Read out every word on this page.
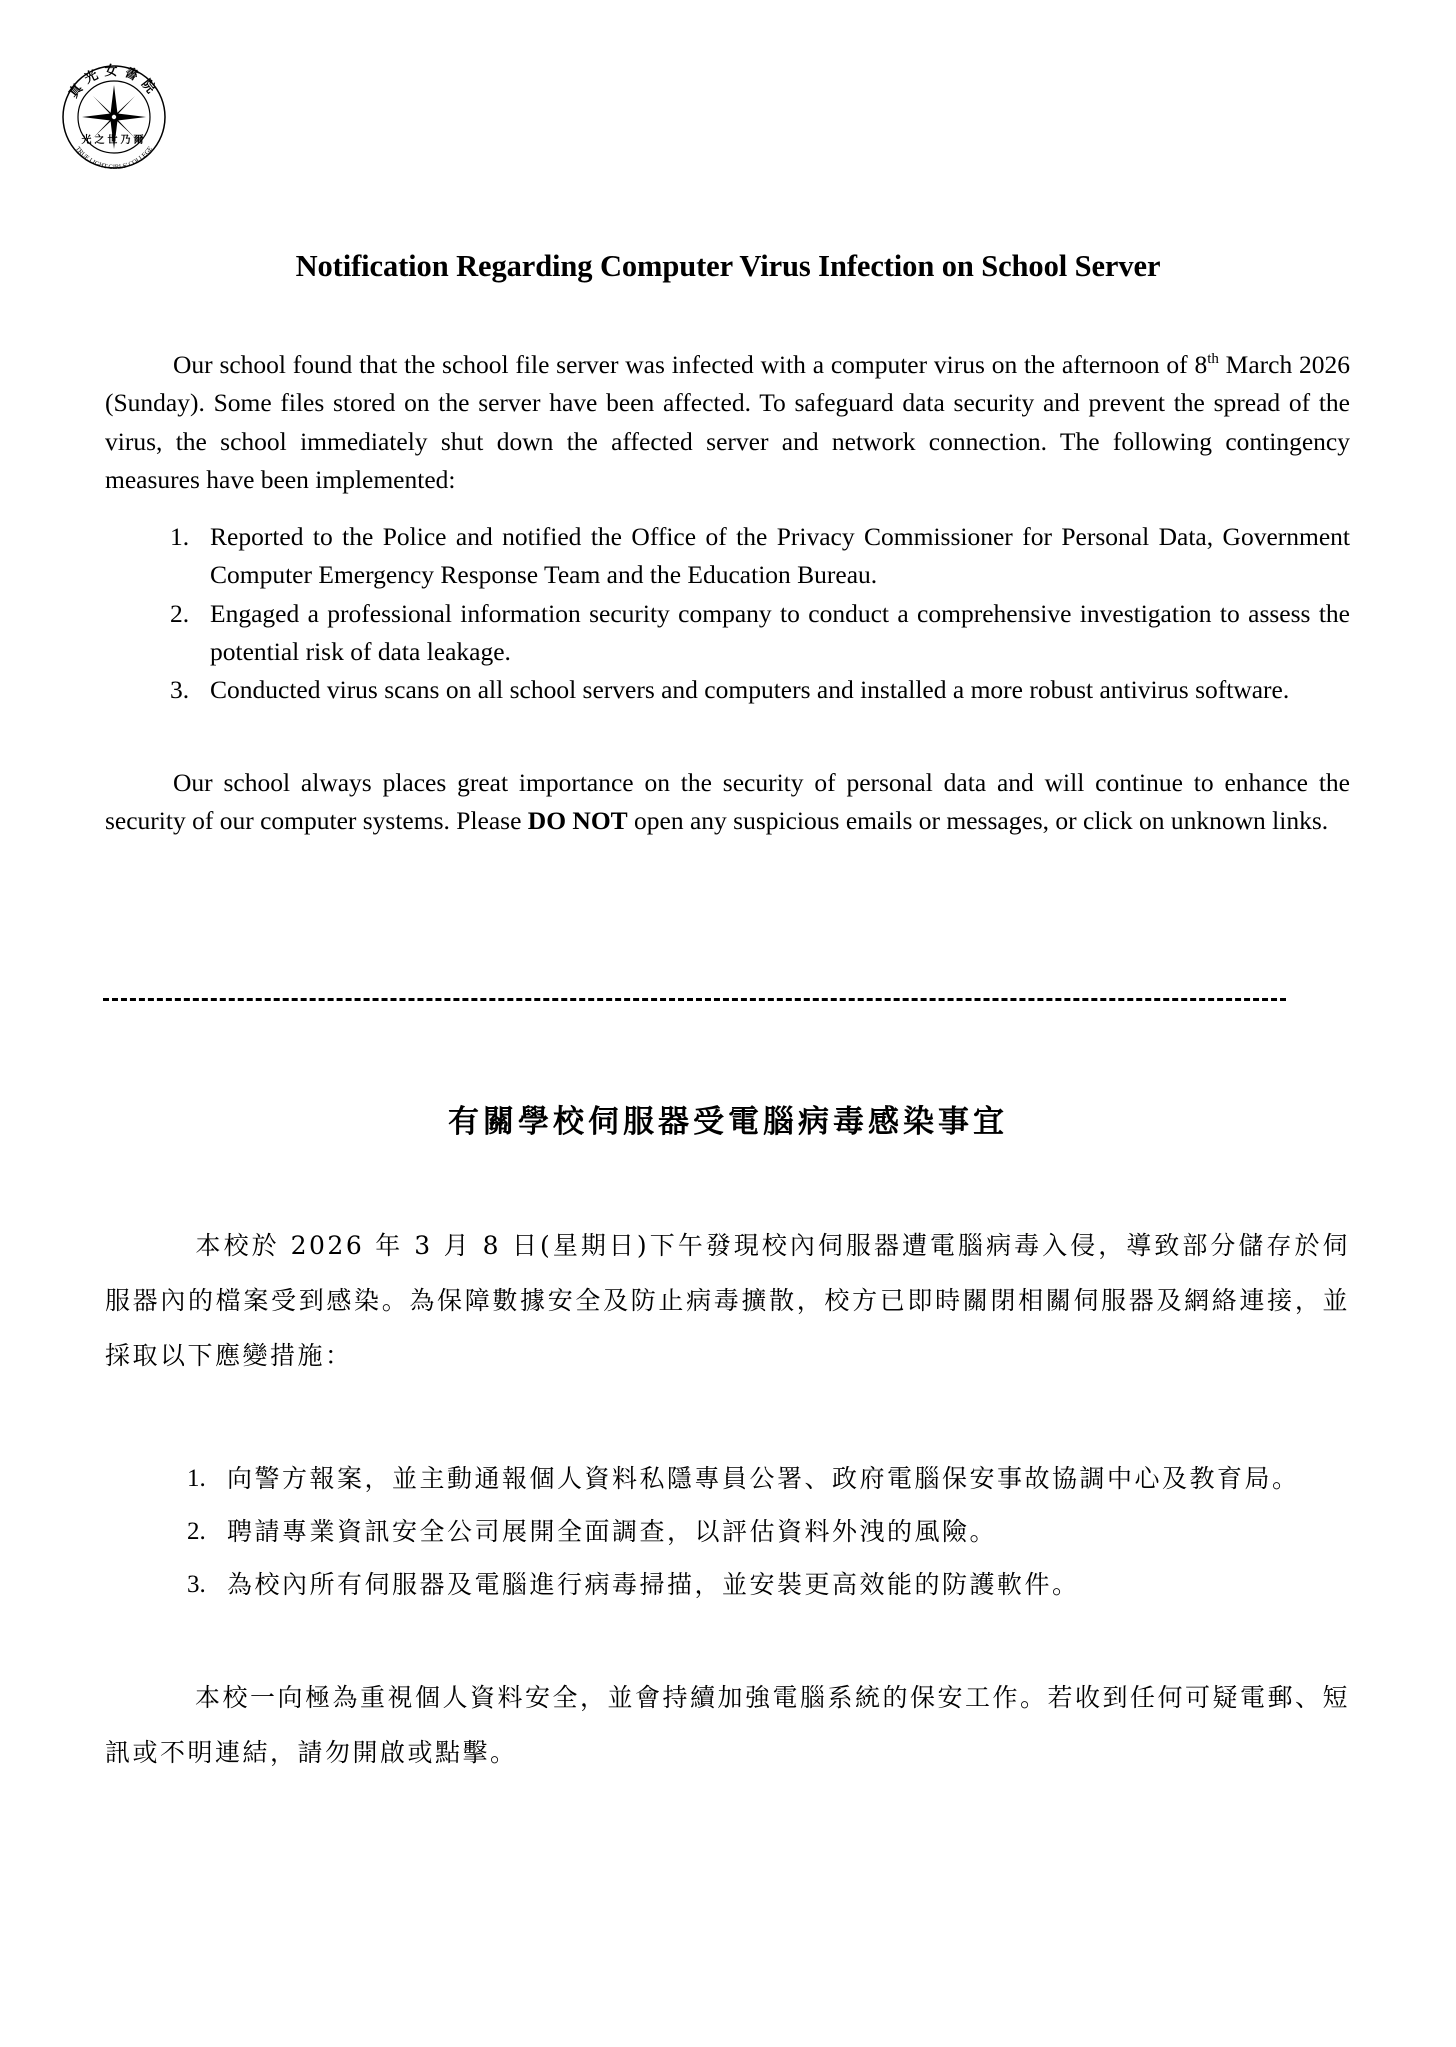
真光女書院
光之世乃爾
TRUE LIGHT GIRLS' COLLEGE
Notification Regarding Computer Virus Infection on School Server
Our school found that the school file server was infected with a computer virus on the afternoon of 8th March 2026 (Sunday). Some files stored on the server have been affected. To safeguard data security and prevent the spread of the virus, the school immediately shut down the affected server and network connection. The following contingency measures have been implemented:
1. Reported to the Police and notified the Office of the Privacy Commissioner for Personal Data, Government Computer Emergency Response Team and the Education Bureau.
2. Engaged a professional information security company to conduct a comprehensive investigation to assess the potential risk of data leakage.
3. Conducted virus scans on all school servers and computers and installed a more robust antivirus software.
Our school always places great importance on the security of personal data and will continue to enhance the security of our computer systems. Please DO NOT open any suspicious emails or messages, or click on unknown links.
有關學校伺服器受電腦病毒感染事宜
本校於 2026 年 3 月 8 日(星期日)下午發現校內伺服器遭電腦病毒入侵，導致部分儲存於伺服器內的檔案受到感染。為保障數據安全及防止病毒擴散，校方已即時關閉相關伺服器及網絡連接，並採取以下應變措施：
1. 向警方報案，並主動通報個人資料私隱專員公署、政府電腦保安事故協調中心及教育局。
2. 聘請專業資訊安全公司展開全面調查，以評估資料外洩的風險。
3. 為校內所有伺服器及電腦進行病毒掃描，並安裝更高效能的防護軟件。
本校一向極為重視個人資料安全，並會持續加強電腦系統的保安工作。若收到任何可疑電郵、短訊或不明連結，請勿開啟或點擊。
